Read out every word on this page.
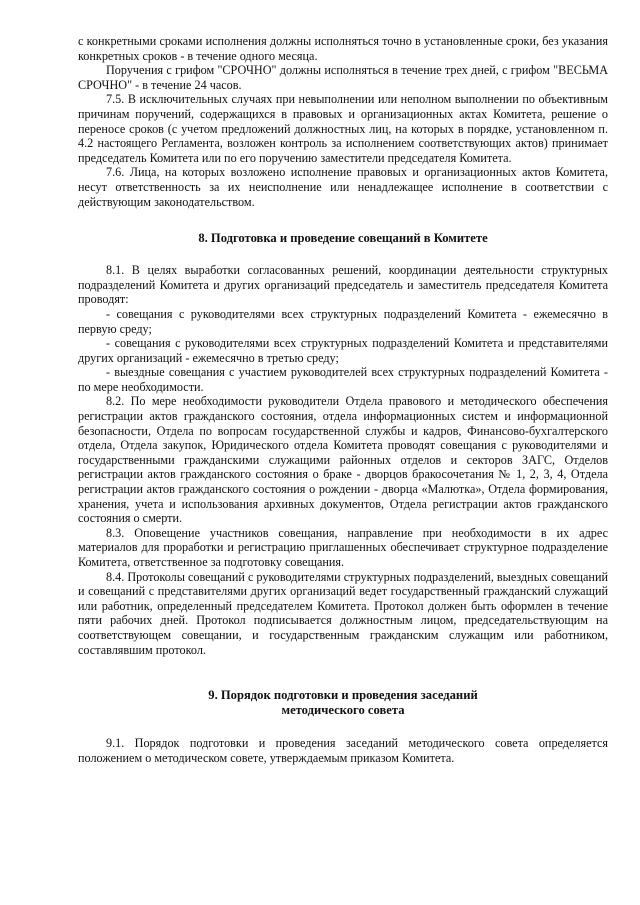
с конкретными сроками исполнения должны исполняться точно в установленные сроки, без указания конкретных сроков - в течение одного месяца.

Поручения с грифом "СРОЧНО" должны исполняться в течение трех дней, с грифом "ВЕСЬМА СРОЧНО" - в течение 24 часов.

7.5. В исключительных случаях при невыполнении или неполном выполнении по объективным причинам поручений, содержащихся в правовых и организационных актах Комитета, решение о переносе сроков (с учетом предложений должностных лиц, на которых в порядке, установленном п. 4.2 настоящего Регламента, возложен контроль за исполнением соответствующих актов) принимает председатель Комитета или по его поручению заместители председателя Комитета.

7.6. Лица, на которых возложено исполнение правовых и организационных актов Комитета, несут ответственность за их неисполнение или ненадлежащее исполнение в соответствии с действующим законодательством.

8. Подготовка и проведение совещаний в Комитете

8.1. В целях выработки согласованных решений, координации деятельности структурных подразделений Комитета и других организаций председатель и заместитель председателя Комитета проводят:

- совещания с руководителями всех структурных подразделений Комитета - ежемесячно в первую среду;

- совещания с руководителями всех структурных подразделений Комитета и представителями других организаций - ежемесячно в третью среду;

- выездные совещания с участием руководителей всех структурных подразделений Комитета - по мере необходимости.

8.2. По мере необходимости руководители Отдела правового и методического обеспечения регистрации актов гражданского состояния, отдела информационных систем и информационной безопасности, Отдела по вопросам государственной службы и кадров, Финансово-бухгалтерского отдела, Отдела закупок, Юридического отдела Комитета проводят совещания с руководителями и государственными гражданскими служащими районных отделов и секторов ЗАГС, Отделов регистрации актов гражданского состояния о браке - дворцов бракосочетания № 1, 2, 3, 4, Отдела регистрации актов гражданского состояния о рождении - дворца «Малютка», Отдела формирования, хранения, учета и использования архивных документов, Отдела регистрации актов гражданского состояния о смерти.

8.3. Оповещение участников совещания, направление при необходимости в их адрес материалов для проработки и регистрацию приглашенных обеспечивает структурное подразделение Комитета, ответственное за подготовку совещания.

8.4. Протоколы совещаний с руководителями структурных подразделений, выездных совещаний и совещаний с представителями других организаций ведет государственный гражданский служащий или работник, определенный председателем Комитета. Протокол должен быть оформлен в течение пяти рабочих дней. Протокол подписывается должностным лицом, председательствующим на соответствующем совещании, и государственным гражданским служащим или работником, составлявшим протокол.

9. Порядок подготовки и проведения заседаний
методического совета

9.1. Порядок подготовки и проведения заседаний методического совета определяется положением о методическом совете, утверждаемым приказом Комитета.
